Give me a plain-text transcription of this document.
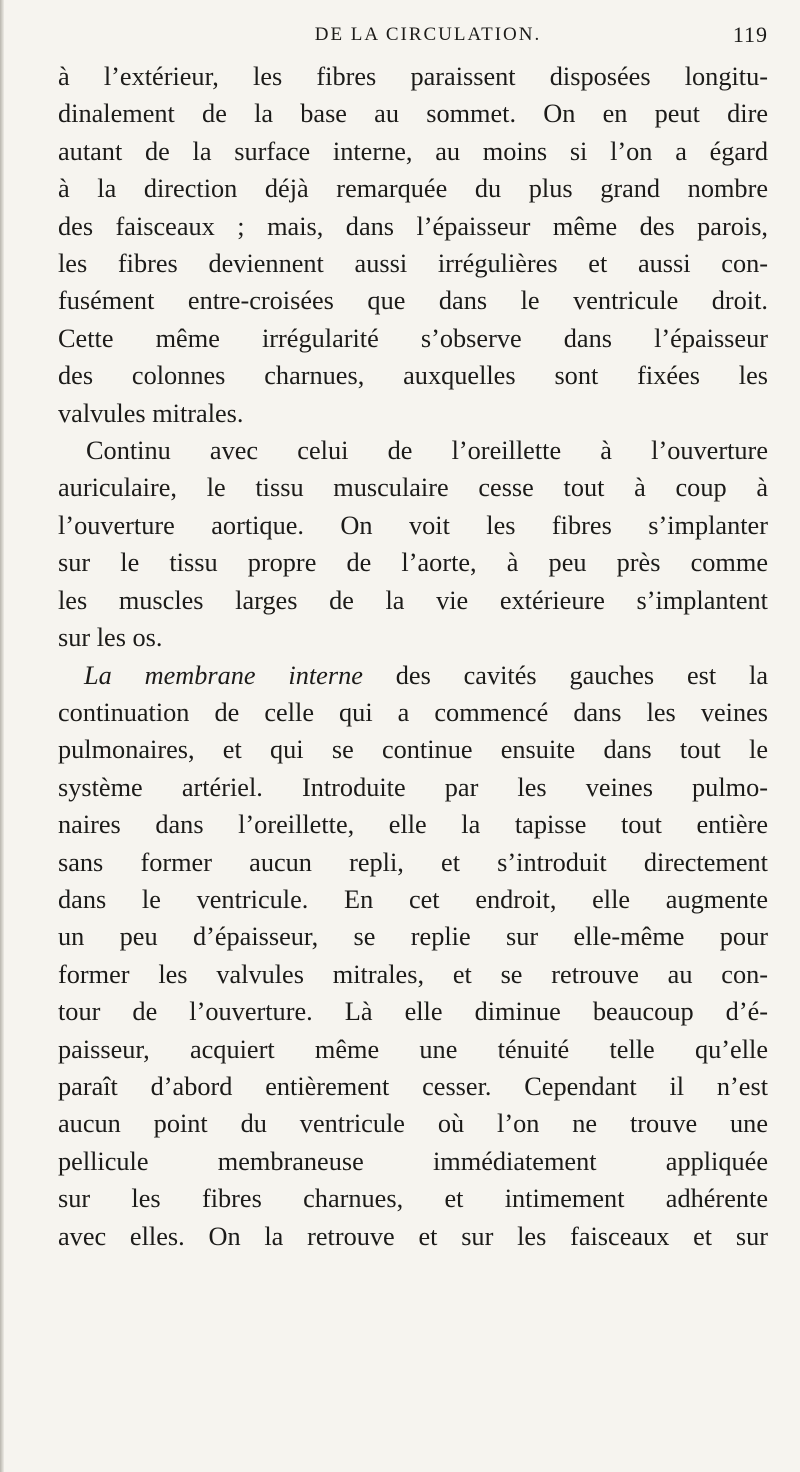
DE LA CIRCULATION.	119
à l’extérieur, les fibres paraissent disposées longitu-
dinalement de la base au sommet. On en peut dire
autant de la surface interne, au moins si l’on a égard
à la direction déjà remarquée du plus grand nombre
des faisceaux ; mais, dans l’épaisseur même des parois,
les fibres deviennent aussi irrégulières et aussi con-
fusément entre-croisées que dans le ventricule droit.
Cette même irrégularité s’observe dans l’épaisseur
des colonnes charnues, auxquelles sont fixées les
valvules mitrales.
Continu avec celui de l’oreillette à l’ouverture
auriculaire, le tissu musculaire cesse tout à coup à
l’ouverture aortique. On voit les fibres s’implanter
sur le tissu propre de l’aorte, à peu près comme
les muscles larges de la vie extérieure s’implantent
sur les os.
La membrane interne des cavités gauches est la
continuation de celle qui a commencé dans les veines
pulmonaires, et qui se continue ensuite dans tout le
système artériel. Introduite par les veines pulmo-
naires dans l’oreillette, elle la tapisse tout entière
sans former aucun repli, et s’introduit directement
dans le ventricule. En cet endroit, elle augmente
un peu d’épaisseur, se replie sur elle-même pour
former les valvules mitrales, et se retrouve au con-
tour de l’ouverture. Là elle diminue beaucoup d’é-
paisseur, acquiert même une ténuité telle qu’elle
paraît d’abord entièrement cesser. Cependant il n’est
aucun point du ventricule où l’on ne trouve une
pellicule membraneuse immédiatement appliquée
sur les fibres charnues, et intimement adhérente
avec elles. On la retrouve et sur les faisceaux et sur
